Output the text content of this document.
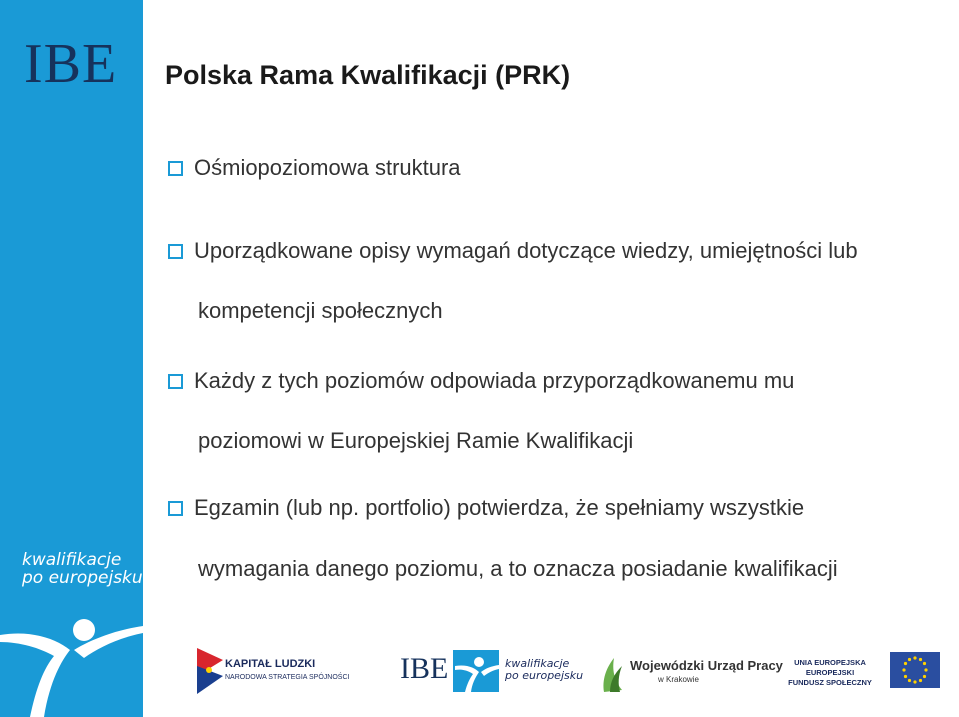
IBE
kwalifikacje
po europejsku
Polska Rama Kwalifikacji (PRK)
Ośmiopoziomowa struktura
Uporządkowane opisy wymagań dotyczące wiedzy, umiejętności lub
kompetencji społecznych
Każdy z tych poziomów odpowiada przyporządkowanemu mu
poziomowi w Europejskiej Ramie Kwalifikacji
Egzamin (lub np. portfolio) potwierdza, że spełniamy wszystkie
wymagania danego poziomu, a to oznacza posiadanie kwalifikacji
KAPITAŁ LUDZKI
NARODOWA STRATEGIA SPÓJNOŚCI IBE	kwalifikacje
po europejsku
Wojewódzki Urząd Pracy
w Krakowie
UNIA EUROPEJSKA
EUROPEJSKI
FUNDUSZ SPOŁECZNY
